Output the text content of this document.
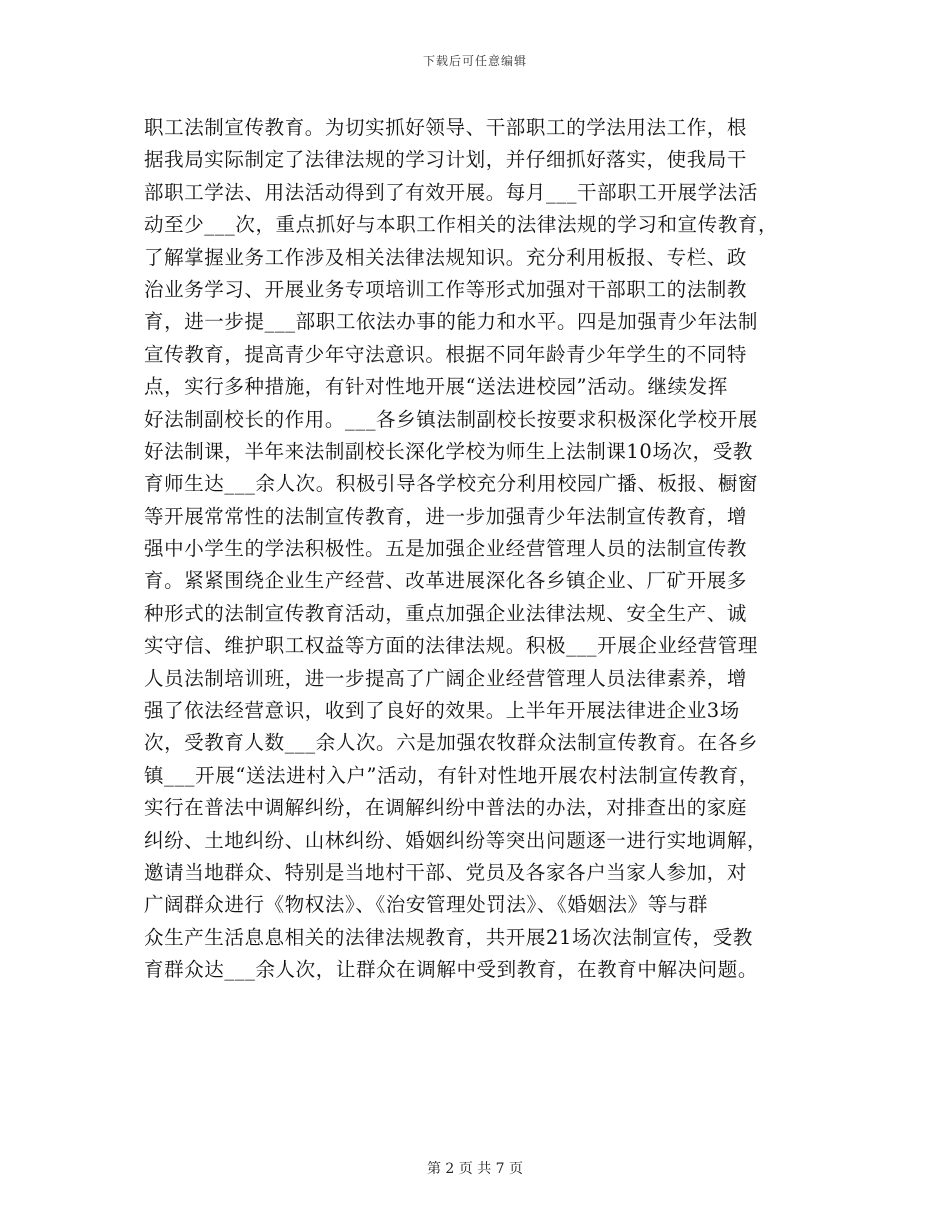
下载后可任意编辑
职工法制宣传教育。为切实抓好领导、干部职工的学法用法工作，根
据我局实际制定了法律法规的学习计划，并仔细抓好落实，使我局干
部职工学法、用法活动得到了有效开展。每月___干部职工开展学法活
动至少___次，重点抓好与本职工作相关的法律法规的学习和宣传教育，
了解掌握业务工作涉及相关法律法规知识。充分利用板报、专栏、政
治业务学习、开展业务专项培训工作等形式加强对干部职工的法制教
育，进一步提___部职工依法办事的能力和水平。四是加强青少年法制
宣传教育，提高青少年守法意识。根据不同年龄青少年学生的不同特
点，实行多种措施，有针对性地开展“送法进校园”活动。继续发挥
好法制副校长的作用。___各乡镇法制副校长按要求积极深化学校开展
好法制课，半年来法制副校长深化学校为师生上法制课10场次，受教
育师生达___余人次。积极引导各学校充分利用校园广播、板报、橱窗
等开展常常性的法制宣传教育，进一步加强青少年法制宣传教育，增
强中小学生的学法积极性。五是加强企业经营管理人员的法制宣传教
育。紧紧围绕企业生产经营、改革进展深化各乡镇企业、厂矿开展多
种形式的法制宣传教育活动，重点加强企业法律法规、安全生产、诚
实守信、维护职工权益等方面的法律法规。积极___开展企业经营管理
人员法制培训班，进一步提高了广阔企业经营管理人员法律素养，增
强了依法经营意识，收到了良好的效果。上半年开展法律进企业3场
次，受教育人数___余人次。六是加强农牧群众法制宣传教育。在各乡
镇___开展“送法进村入户”活动，有针对性地开展农村法制宣传教育，
实行在普法中调解纠纷，在调解纠纷中普法的办法，对排查出的家庭
纠纷、土地纠纷、山林纠纷、婚姻纠纷等突出问题逐一进行实地调解，
邀请当地群众、特别是当地村干部、党员及各家各户当家人参加，对
广阔群众进行《物权法》、《治安管理处罚法》、《婚姻法》等与群
众生产生活息息相关的法律法规教育，共开展21场次法制宣传，受教
育群众达___余人次，让群众在调解中受到教育，在教育中解决问题。
第 2 页 共 7 页
